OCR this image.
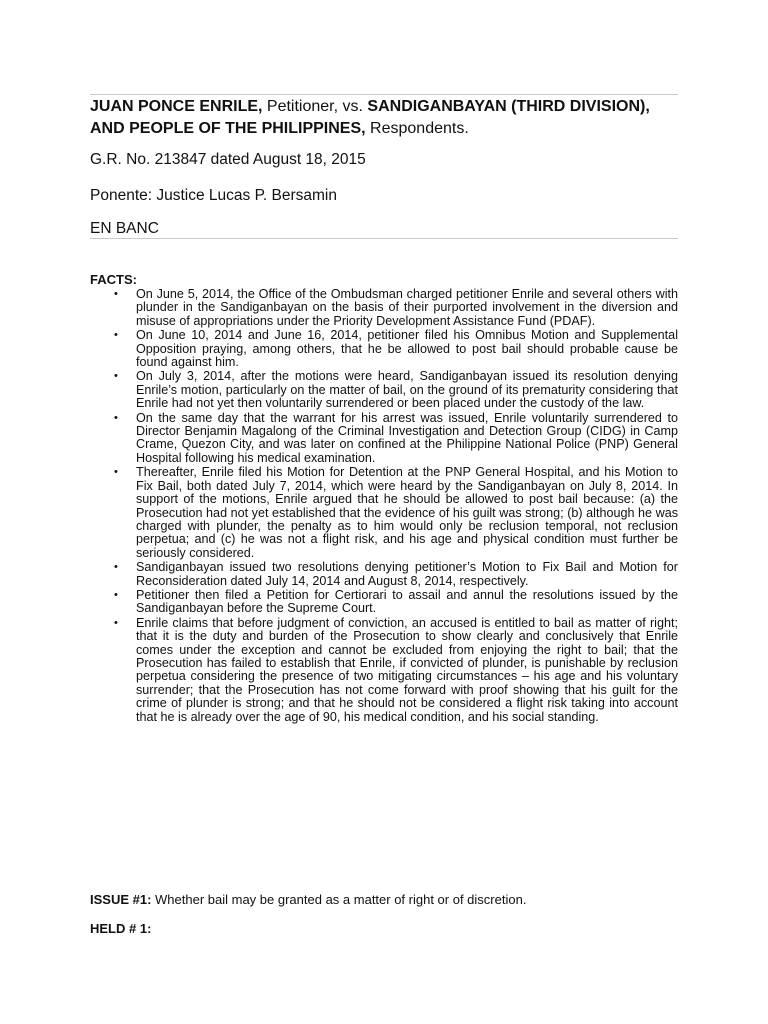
JUAN PONCE ENRILE, Petitioner, vs. SANDIGANBAYAN (THIRD DIVISION), AND PEOPLE OF THE PHILIPPINES, Respondents.
G.R. No. 213847 dated August 18, 2015
Ponente: Justice Lucas P. Bersamin
EN BANC
FACTS:
• On June 5, 2014, the Office of the Ombudsman charged petitioner Enrile and several others with plunder in the Sandiganbayan on the basis of their purported involvement in the diversion and misuse of appropriations under the Priority Development Assistance Fund (PDAF).
• On June 10, 2014 and June 16, 2014, petitioner filed his Omnibus Motion and Supplemental Opposition praying, among others, that he be allowed to post bail should probable cause be found against him.
• On July 3, 2014, after the motions were heard, Sandiganbayan issued its resolution denying Enrile’s motion, particularly on the matter of bail, on the ground of its prematurity considering that Enrile had not yet then voluntarily surrendered or been placed under the custody of the law.
• On the same day that the warrant for his arrest was issued, Enrile voluntarily surrendered to Director Benjamin Magalong of the Criminal Investigation and Detection Group (CIDG) in Camp Crame, Quezon City, and was later on confined at the Philippine National Police (PNP) General Hospital following his medical examination.
• Thereafter, Enrile filed his Motion for Detention at the PNP General Hospital, and his Motion to Fix Bail, both dated July 7, 2014, which were heard by the Sandiganbayan on July 8, 2014. In support of the motions, Enrile argued that he should be allowed to post bail because: (a) the Prosecution had not yet established that the evidence of his guilt was strong; (b) although he was charged with plunder, the penalty as to him would only be reclusion temporal, not reclusion perpetua; and (c) he was not a flight risk, and his age and physical condition must further be seriously considered.
• Sandiganbayan issued two resolutions denying petitioner’s Motion to Fix Bail and Motion for Reconsideration dated July 14, 2014 and August 8, 2014, respectively.
• Petitioner then filed a Petition for Certiorari to assail and annul the resolutions issued by the Sandiganbayan before the Supreme Court.
• Enrile claims that before judgment of conviction, an accused is entitled to bail as matter of right; that it is the duty and burden of the Prosecution to show clearly and conclusively that Enrile comes under the exception and cannot be excluded from enjoying the right to bail; that the Prosecution has failed to establish that Enrile, if convicted of plunder, is punishable by reclusion perpetua considering the presence of two mitigating circumstances – his age and his voluntary surrender; that the Prosecution has not come forward with proof showing that his guilt for the crime of plunder is strong; and that he should not be considered a flight risk taking into account that he is already over the age of 90, his medical condition, and his social standing.
ISSUE #1: Whether bail may be granted as a matter of right or of discretion.
HELD # 1:
